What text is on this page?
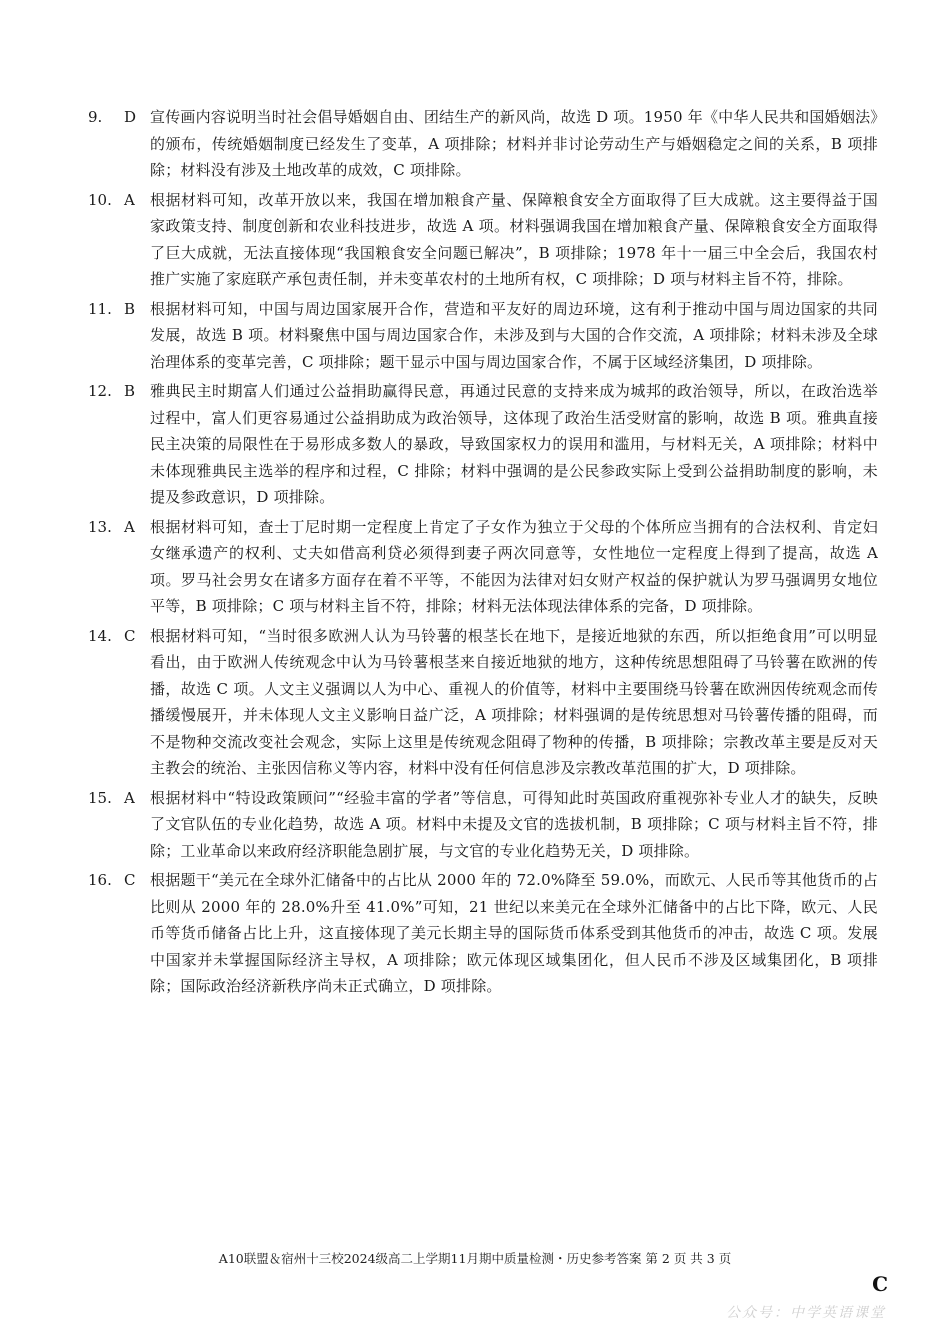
9.	D 宣传画内容说明当时社会倡导婚姻自由、团结生产的新风尚，故选 D 项。1950 年《中华人民共和国婚姻法》的颁布，传统婚姻制度已经发生了变革，A 项排除；材料并非讨论劳动生产与婚姻稳定之间的关系，B 项排除；材料没有涉及土地改革的成效，C 项排除。
10. A 根据材料可知，改革开放以来，我国在增加粮食产量、保障粮食安全方面取得了巨大成就。这主要得益于国家政策支持、制度创新和农业科技进步，故选 A 项。材料强调我国在增加粮食产量、保障粮食安全方面取得了巨大成就，无法直接体现“我国粮食安全问题已解决”，B 项排除；1978 年十一届三中全会后，我国农村推广实施了家庭联产承包责任制，并未变革农村的土地所有权，C 项排除；D 项与材料主旨不符，排除。
11. B 根据材料可知，中国与周边国家展开合作，营造和平友好的周边环境，这有利于推动中国与周边国家的共同发展，故选 B 项。材料聚焦中国与周边国家合作，未涉及到与大国的合作交流，A 项排除；材料未涉及全球治理体系的变革完善，C 项排除；题干显示中国与周边国家合作，不属于区域经济集团，D 项排除。
12. B 雅典民主时期富人们通过公益捐助赢得民意，再通过民意的支持来成为城邦的政治领导，所以，在政治选举过程中，富人们更容易通过公益捐助成为政治领导，这体现了政治生活受财富的影响，故选 B 项。雅典直接民主决策的局限性在于易形成多数人的暴政，导致国家权力的误用和滥用，与材料无关，A 项排除；材料中未体现雅典民主选举的程序和过程，C 排除；材料中强调的是公民参政实际上受到公益捐助制度的影响，未提及参政意识，D 项排除。
13. A 根据材料可知，查士丁尼时期一定程度上肯定了子女作为独立于父母的个体所应当拥有的合法权利、肯定妇女继承遗产的权利、丈夫如借高利贷必须得到妻子两次同意等，女性地位一定程度上得到了提高，故选 A 项。罗马社会男女在诸多方面存在着不平等，不能因为法律对妇女财产权益的保护就认为罗马强调男女地位平等，B 项排除；C 项与材料主旨不符，排除；材料无法体现法律体系的完备，D 项排除。
14. C 根据材料可知，“当时很多欧洲人认为马铃薯的根茎长在地下，是接近地狱的东西，所以拒绝食用”可以明显看出，由于欧洲人传统观念中认为马铃薯根茎来自接近地狱的地方，这种传统思想阻碍了马铃薯在欧洲的传播，故选 C 项。人文主义强调以人为中心、重视人的价值等，材料中主要围绕马铃薯在欧洲因传统观念而传播缓慢展开，并未体现人文主义影响日益广泛，A 项排除；材料强调的是传统思想对马铃薯传播的阻碍，而不是物种交流改变社会观念，实际上这里是传统观念阻碍了物种的传播，B 项排除；宗教改革主要是反对天主教会的统治、主张因信称义等内容，材料中没有任何信息涉及宗教改革范围的扩大，D 项排除。
15. A 根据材料中“特设政策顾问”“经验丰富的学者”等信息，可得知此时英国政府重视弥补专业人才的缺失，反映了文官队伍的专业化趋势，故选 A 项。材料中未提及文官的选拔机制，B 项排除；C 项与材料主旨不符，排除；工业革命以来政府经济职能急剧扩展，与文官的专业化趋势无关，D 项排除。
16. C 根据题干“美元在全球外汇储备中的占比从 2000 年的 72.0%降至 59.0%，而欧元、人民币等其他货币的占比则从 2000 年的 28.0%升至 41.0%”可知，21 世纪以来美元在全球外汇储备中的占比下降，欧元、人民币等货币储备占比上升，这直接体现了美元长期主导的国际货币体系受到其他货币的冲击，故选 C 项。发展中国家并未掌握国际经济主导权，A 项排除；欧元体现区域集团化，但人民币不涉及区域集团化，B 项排除；国际政治经济新秩序尚未正式确立，D 项排除。
A10联盟＆宿州十三校2024级高二上学期11月期中质量检测・历史参考答案 第 2 页 共 3 页
C
公众号：中学英语课堂
